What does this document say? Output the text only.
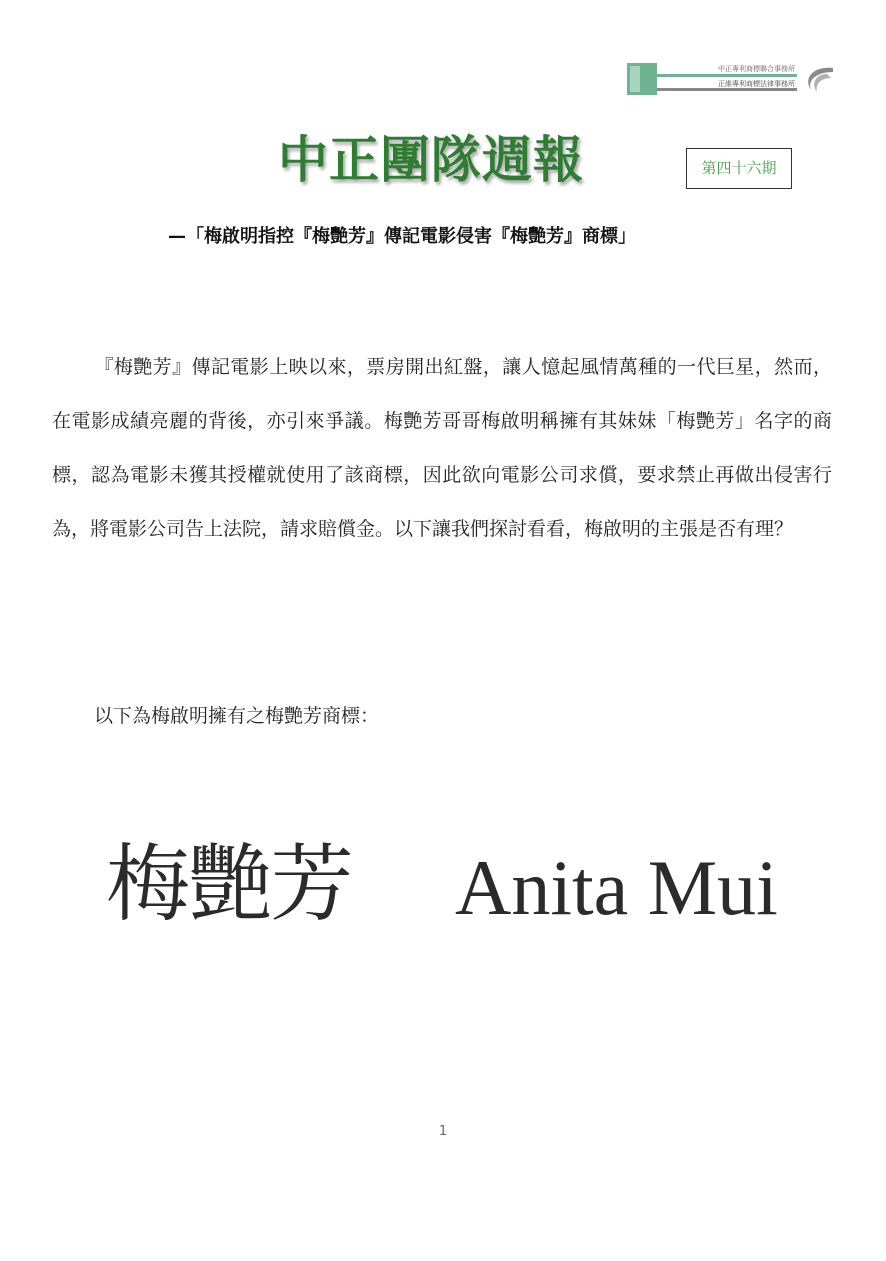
中正專利商標聯合事務所
正維專利商標法律事務所
中正團隊週報	第四十六期
—「梅啟明指控『梅艷芳』傳記電影侵害『梅艷芳』商標」
『梅艷芳』傳記電影上映以來，票房開出紅盤，讓人憶起風情萬種的一代巨星，然而，在電影成績亮麗的背後，亦引來爭議。梅艷芳哥哥梅啟明稱擁有其妹妹「梅艷芳」名字的商標，認為電影未獲其授權就使用了該商標，因此欲向電影公司求償，要求禁止再做出侵害行為，將電影公司告上法院，請求賠償金。以下讓我們探討看看，梅啟明的主張是否有理？
以下為梅啟明擁有之梅艷芳商標：
梅艷芳 Anita Mui
1
